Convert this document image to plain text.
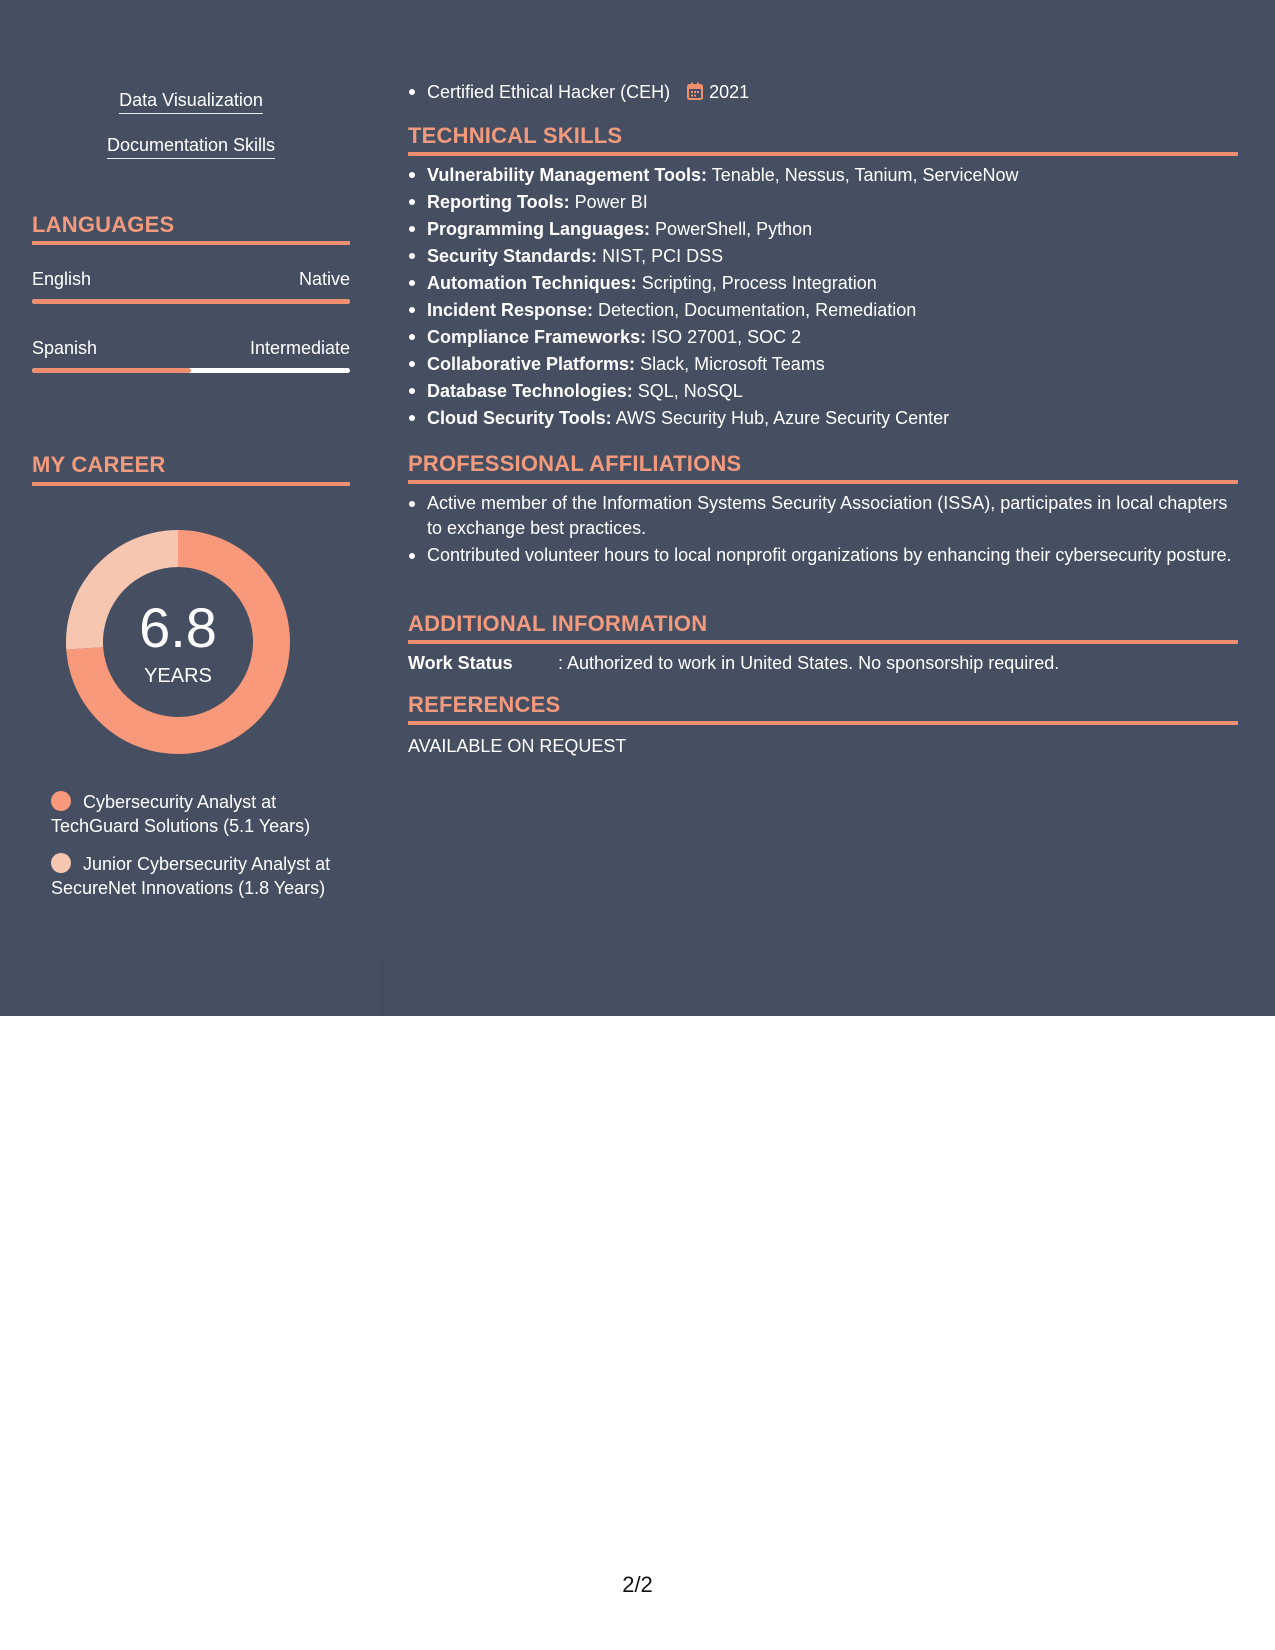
Data Visualization
Documentation Skills
LANGUAGES
English	Native
Spanish	Intermediate
MY CAREER
6.8
YEARS
Cybersecurity Analyst at TechGuard Solutions (5.1 Years)
Junior Cybersecurity Analyst at SecureNet Innovations (1.8 Years)
Certified Ethical Hacker (CEH) 2021
TECHNICAL SKILLS
Vulnerability Management Tools: Tenable, Nessus, Tanium, ServiceNow
Reporting Tools: Power BI
Programming Languages: PowerShell, Python
Security Standards: NIST, PCI DSS
Automation Techniques: Scripting, Process Integration
Incident Response: Detection, Documentation, Remediation
Compliance Frameworks: ISO 27001, SOC 2
Collaborative Platforms: Slack, Microsoft Teams
Database Technologies: SQL, NoSQL
Cloud Security Tools: AWS Security Hub, Azure Security Center
PROFESSIONAL AFFILIATIONS
Active member of the Information Systems Security Association (ISSA), participates in local chapters to exchange best practices.
Contributed volunteer hours to local nonprofit organizations by enhancing their cybersecurity posture.
ADDITIONAL INFORMATION
Work Status	: Authorized to work in United States. No sponsorship required.
REFERENCES
AVAILABLE ON REQUEST
2/2
